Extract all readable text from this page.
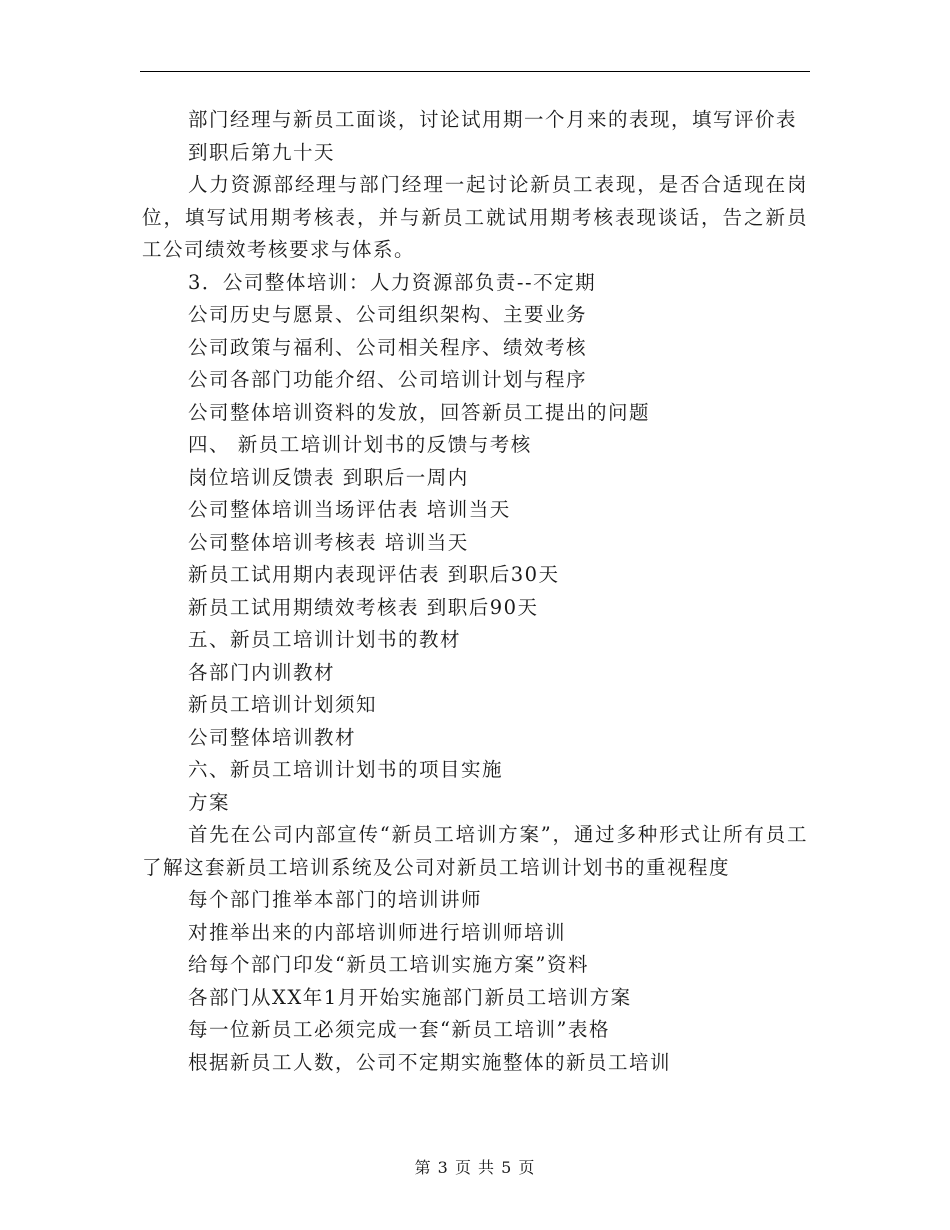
部门经理与新员工面谈，讨论试用期一个月来的表现，填写评价表

到职后第九十天

人力资源部经理与部门经理一起讨论新员工表现，是否合适现在岗位，填写试用期考核表，并与新员工就试用期考核表现谈话，告之新员工公司绩效考核要求与体系。

3．公司整体培训：人力资源部负责--不定期

公司历史与愿景、公司组织架构、主要业务

公司政策与福利、公司相关程序、绩效考核

公司各部门功能介绍、公司培训计划与程序

公司整体培训资料的发放，回答新员工提出的问题

四、 新员工培训计划书的反馈与考核

岗位培训反馈表 到职后一周内

公司整体培训当场评估表 培训当天

公司整体培训考核表 培训当天

新员工试用期内表现评估表 到职后30天

新员工试用期绩效考核表 到职后90天

五、新员工培训计划书的教材

各部门内训教材

新员工培训计划须知

公司整体培训教材

六、新员工培训计划书的项目实施

方案

首先在公司内部宣传“新员工培训方案”，通过多种形式让所有员工了解这套新员工培训系统及公司对新员工培训计划书的重视程度

每个部门推举本部门的培训讲师

对推举出来的内部培训师进行培训师培训

给每个部门印发“新员工培训实施方案”资料

各部门从XX年1月开始实施部门新员工培训方案

每一位新员工必须完成一套“新员工培训”表格

根据新员工人数，公司不定期实施整体的新员工培训

第 3 页 共 5 页
